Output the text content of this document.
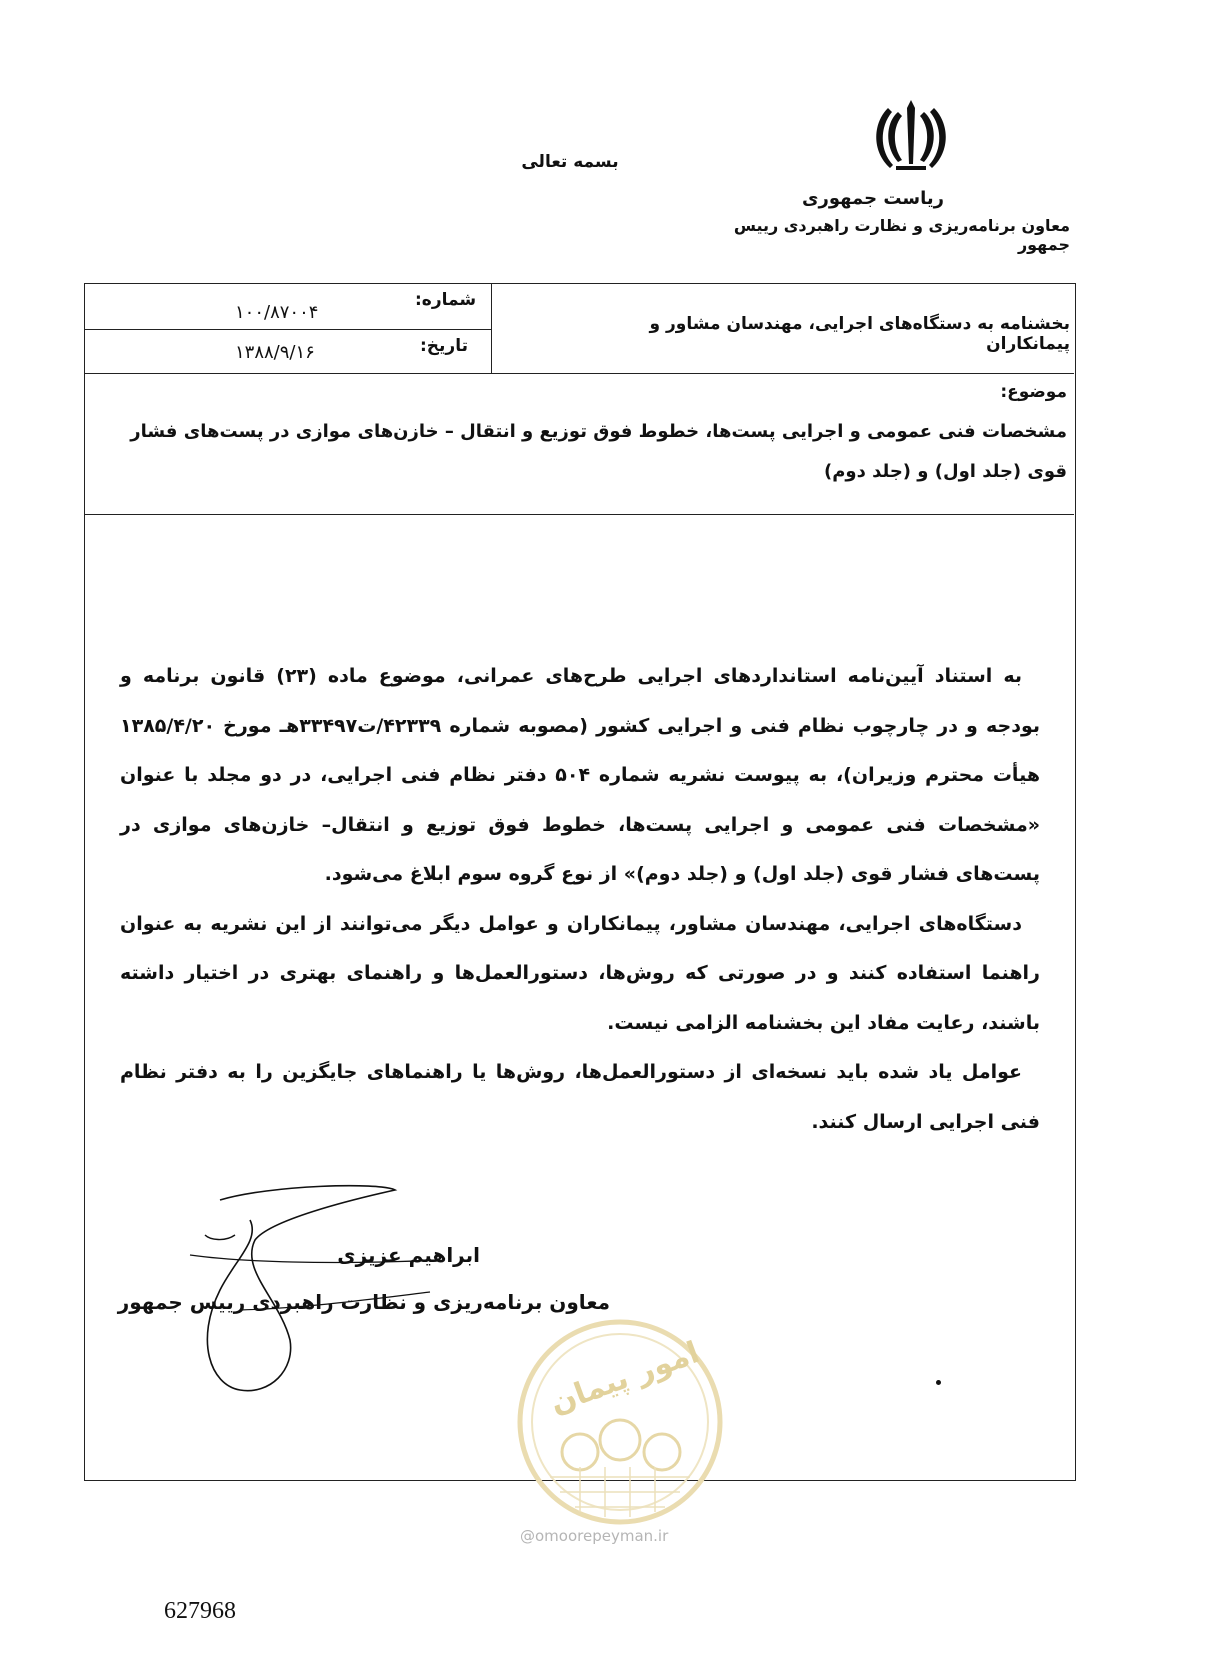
بسمه تعالی
ریاست جمهوری
معاون برنامه‌ریزی و نظارت راهبردی رییس جمهور
بخشنامه به دستگاه‌های اجرایی، مهندسان مشاور و پیمانکاران
شماره:
۱۰۰/۸۷۰۰۴
تاریخ:
۱۳۸۸/۹/۱۶
موضوع:
مشخصات فنی عمومی و اجرایی پست‌ها، خطوط فوق توزیع و انتقال – خازن‌های موازی در پست‌های فشار قوی (جلد اول) و (جلد دوم)

به استناد آیین‌نامه استانداردهای اجرایی طرح‌های عمرانی، موضوع ماده (۲۳) قانون برنامه و بودجه و در چارچوب نظام فنی و اجرایی کشور (مصوبه شماره ۴۲۳۳۹/ت۳۳۴۹۷هـ مورخ ۱۳۸۵/۴/۲۰ هیأت محترم وزیران)، به پیوست نشریه شماره ۵۰۴ دفتر نظام فنی اجرایی، در دو مجلد با عنوان «مشخصات فنی عمومی و اجرایی پست‌ها، خطوط فوق توزیع و انتقال– خازن‌های موازی در پست‌های فشار قوی (جلد اول) و (جلد دوم)» از نوع گروه سوم ابلاغ می‌شود.

دستگاه‌های اجرایی، مهندسان مشاور، پیمانکاران و عوامل دیگر می‌توانند از این نشریه به عنوان راهنما استفاده کنند و در صورتی که روش‌ها، دستورالعمل‌ها و راهنمای بهتری در اختیار داشته باشند، رعایت مفاد این بخشنامه الزامی نیست.

عوامل یاد شده باید نسخه‌ای از دستورالعمل‌ها، روش‌ها یا راهنماهای جایگزین را به دفتر نظام فنی اجرایی ارسال کنند.

ابراهیم عزیزی
معاون برنامه‌ریزی و نظارت راهبردی رییس جمهور
امور پیمان
@omoorepeyman.ir
627968
